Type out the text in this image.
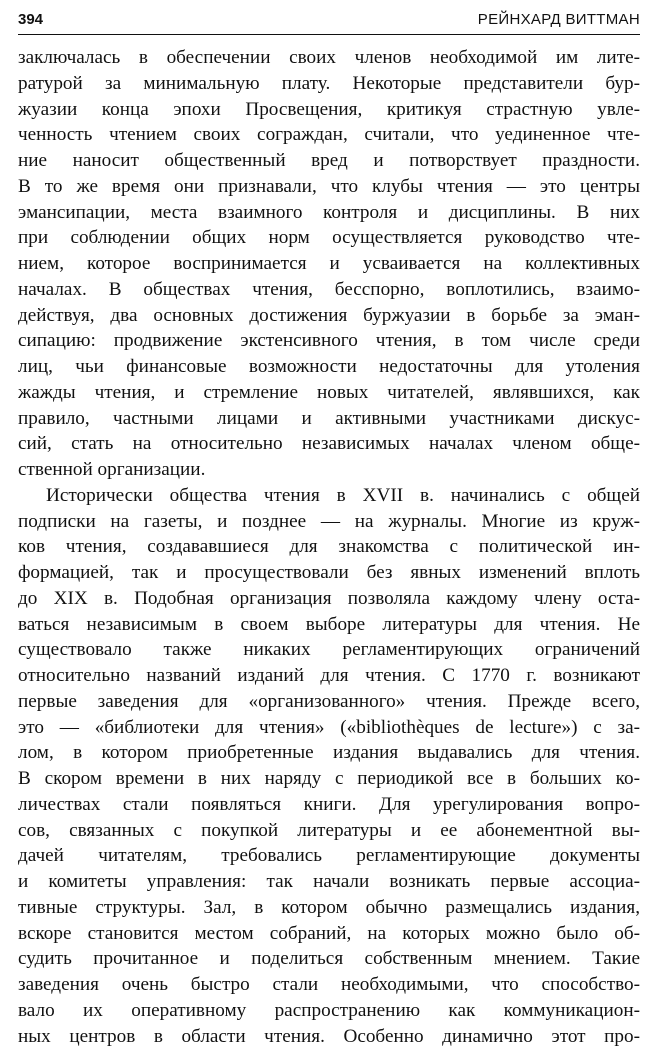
394	РЕЙНХАРД ВИТТМАН
заключалась в обеспечении своих членов необходимой им лите-
ратурой за минимальную плату. Некоторые представители бур-
жуазии конца эпохи Просвещения, критикуя страстную увле-
ченность чтением своих сограждан, считали, что уединенное чте-
ние наносит общественный вред и потворствует праздности.
В то же время они признавали, что клубы чтения — это центры
эмансипации, места взаимного контроля и дисциплины. В них
при соблюдении общих норм осуществляется руководство чте-
нием, которое воспринимается и усваивается на коллективных
началах. В обществах чтения, бесспорно, воплотились, взаимо-
действуя, два основных достижения буржуазии в борьбе за эман-
сипацию: продвижение экстенсивного чтения, в том числе среди
лиц, чьи финансовые возможности недостаточны для утоления
жажды чтения, и стремление новых читателей, являвшихся, как
правило, частными лицами и активными участниками дискус-
сий, стать на относительно независимых началах членом обще-
ственной организации.
Исторически общества чтения в XVII в. начинались с общей
подписки на газеты, и позднее — на журналы. Многие из круж-
ков чтения, создававшиеся для знакомства с политической ин-
формацией, так и просуществовали без явных изменений вплоть
до XIX в. Подобная организация позволяла каждому члену оста-
ваться независимым в своем выборе литературы для чтения. Не
существовало также никаких регламентирующих ограничений
относительно названий изданий для чтения. С 1770 г. возникают
первые заведения для «организованного» чтения. Прежде всего,
это — «библиотеки для чтения» («bibliothèques de lecture») с за-
лом, в котором приобретенные издания выдавались для чтения.
В скором времени в них наряду с периодикой все в больших ко-
личествах стали появляться книги. Для урегулирования вопро-
сов, связанных с покупкой литературы и ее абонементной вы-
дачей читателям, требовались регламентирующие документы
и комитеты управления: так начали возникать первые ассоциа-
тивные структуры. Зал, в котором обычно размещались издания,
вскоре становится местом собраний, на которых можно было об-
судить прочитанное и поделиться собственным мнением. Такие
заведения очень быстро стали необходимыми, что способство-
вало их оперативному распространению как коммуникацион-
ных центров в области чтения. Особенно динамично этот про-
